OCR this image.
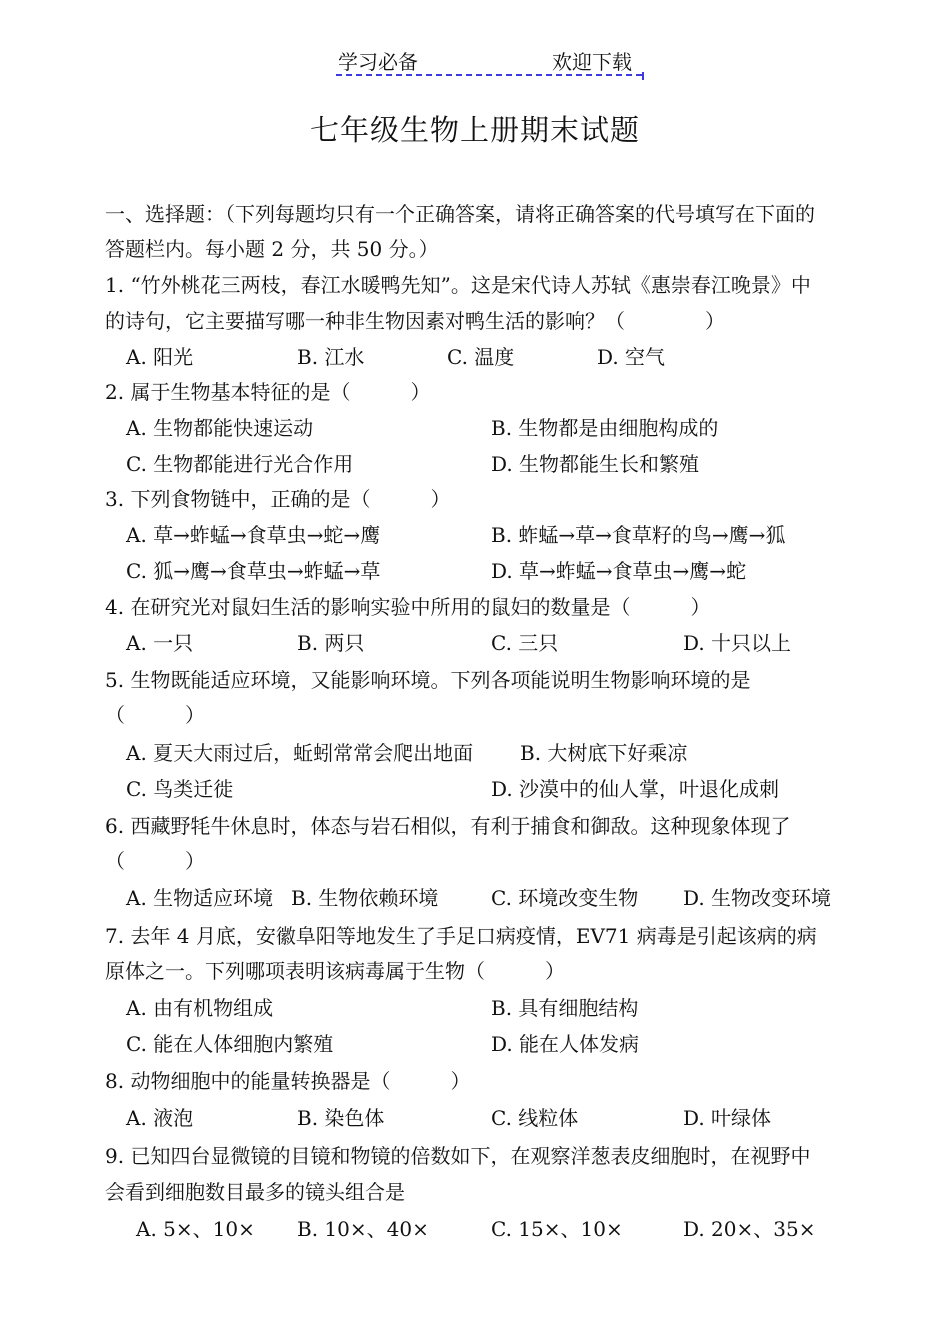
学习必备	欢迎下载
七年级生物上册期末试题
一、选择题：（下列每题均只有一个正确答案，请将正确答案的代号填写在下面的
答题栏内。每小题 2 分，共 50 分。）
1. “竹外桃花三两枝，春江水暖鸭先知”。这是宋代诗人苏轼《惠崇春江晚景》中
的诗句，它主要描写哪一种非生物因素对鸭生活的影响？（　　　　）
A. 阳光	B. 江水	C. 温度	D. 空气
2. 属于生物基本特征的是（　　　）
A. 生物都能快速运动	B. 生物都是由细胞构成的
C. 生物都能进行光合作用	D. 生物都能生长和繁殖
3. 下列食物链中，正确的是（　　　）
A. 草→蚱蜢→食草虫→蛇→鹰	B. 蚱蜢→草→食草籽的鸟→鹰→狐
C. 狐→鹰→食草虫→蚱蜢→草	D. 草→蚱蜢→食草虫→鹰→蛇
4. 在研究光对鼠妇生活的影响实验中所用的鼠妇的数量是（　　　）
A. 一只	B. 两只	C. 三只	D. 十只以上
5. 生物既能适应环境，又能影响环境。下列各项能说明生物影响环境的是
（　　　）
A. 夏天大雨过后，蚯蚓常常会爬出地面 B. 大树底下好乘凉
C. 鸟类迁徙	D. 沙漠中的仙人掌，叶退化成刺
6. 西藏野牦牛休息时，体态与岩石相似，有利于捕食和御敌。这种现象体现了
（　　　）
A. 生物适应环境 B. 生物依赖环境	C. 环境改变生物 D. 生物改变环境
7. 去年 4 月底，安徽阜阳等地发生了手足口病疫情，EV71 病毒是引起该病的病
原体之一。下列哪项表明该病毒属于生物（　　　）
A. 由有机物组成	B. 具有细胞结构
C. 能在人体细胞内繁殖	D. 能在人体发病
8. 动物细胞中的能量转换器是（　　　）
A. 液泡	B. 染色体	C. 线粒体	D. 叶绿体
9. 已知四台显微镜的目镜和物镜的倍数如下，在观察洋葱表皮细胞时，在视野中
会看到细胞数目最多的镜头组合是
A. 5×、10× B. 10×、40×	C. 15×、10×	D. 20×、35×
